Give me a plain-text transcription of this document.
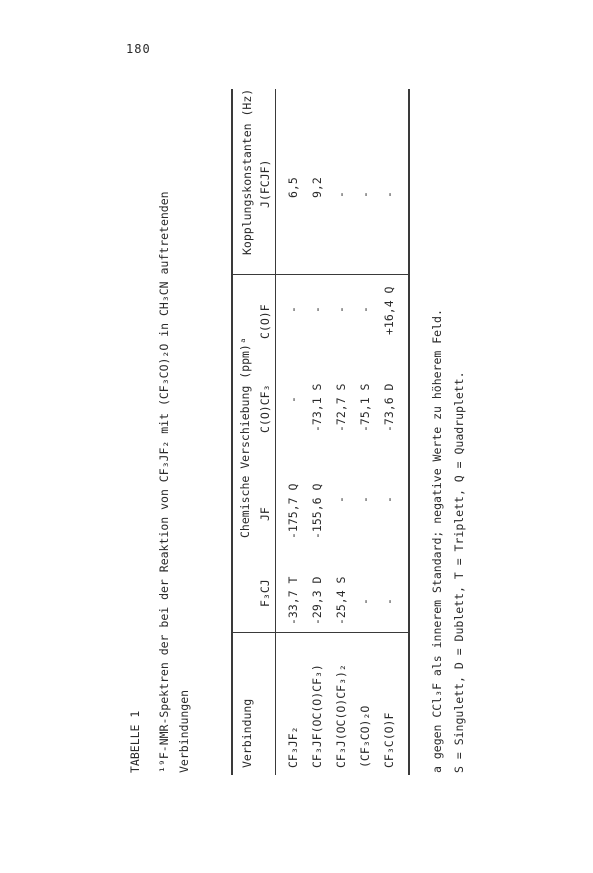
180
TABELLE 1 ¹⁹F-NMR-Spektren der bei der Reaktion von CF₃JF₂ mit (CF₃CO)₂O in CH₃CN auftretenden Verbindungen	Verbindung
Chemische Verschiebung (ppm)ᵃ
F₃CJ
JF
C(O)CF₃
C(O)F
Kopplungskonstanten (Hz) J(FCJF)
CF₃JF₂
-33,7 T
-175,7 Q
-
-
6,5
CF₃JF(OC(O)CF₃)
-29,3 D
-155,6 Q
-73,1 S
-
9,2
CF₃J(OC(O)CF₃)₂
-25,4 S
-
-72,7 S
-
-
(CF₃CO)₂O
-
-
-75,1 S
-
-
CF₃C(O)F
-
-
-73,6 D
+16,4 Q
-
a gegen CCl₃F als innerem Standard; negative Werte zu höherem Feld. S = Singulett, D = Dublett, T = Triplett, Q = Quadruplett.
